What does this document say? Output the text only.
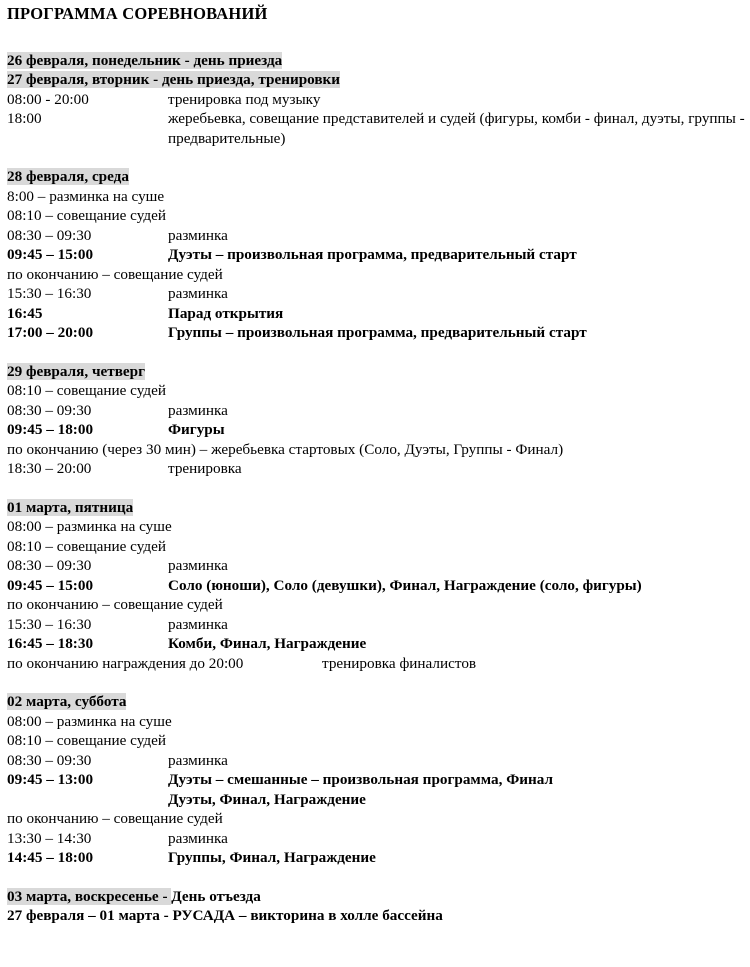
ПРОГРАММА СОРЕВНОВАНИЙ
26 февраля, понедельник - день приезда
27 февраля, вторник - день приезда, тренировки
08:00 - 20:00	тренировка под музыку
18:00	жеребьевка, совещание представителей и судей (фигуры, комби - финал, дуэты, группы - предварительные)
28 февраля, среда
8:00 – разминка на суше
08:10 – совещание судей
08:30 – 09:30	разминка
09:45 – 15:00	Дуэты – произвольная программа, предварительный старт
по окончанию – совещание судей
15:30 – 16:30	разминка
16:45	Парад открытия
17:00 – 20:00	Группы – произвольная программа, предварительный старт
29 февраля, четверг
08:10 – совещание судей
08:30 – 09:30	разминка
09:45 – 18:00	Фигуры
по окончанию (через 30 мин) – жеребьевка стартовых (Соло, Дуэты, Группы - Финал)
18:30 – 20:00	тренировка
01 марта, пятница
08:00 – разминка на суше
08:10 – совещание судей
08:30 – 09:30	разминка
09:45 – 15:00	Соло (юноши), Соло (девушки), Финал, Награждение (соло, фигуры)
по окончанию – совещание судей
15:30 – 16:30	разминка
16:45 – 18:30	Комби, Финал, Награждение
по окончанию награждения до 20:00	тренировка финалистов
02 марта, суббота
08:00 – разминка на суше
08:10 – совещание судей
08:30 – 09:30	разминка
09:45 – 13:00	Дуэты – смешанные – произвольная программа, Финал
Дуэты, Финал, Награждение
по окончанию – совещание судей
13:30 – 14:30	разминка
14:45 – 18:00	Группы, Финал, Награждение
03 марта, воскресенье - День отъезда
27 февраля – 01 марта - РУСАДА – викторина в холле бассейна
